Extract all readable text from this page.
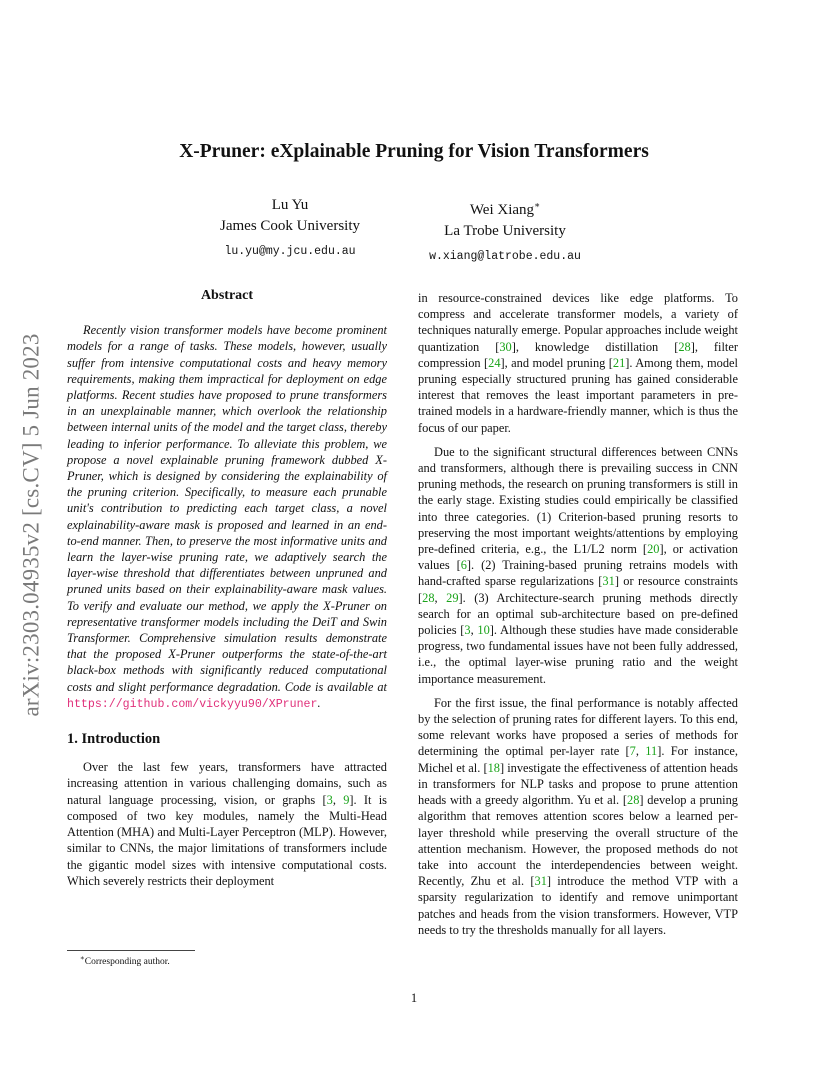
arXiv:2303.04935v2 [cs.CV] 5 Jun 2023
X-Pruner: eXplainable Pruning for Vision Transformers
Lu Yu
James Cook University
lu.yu@my.jcu.edu.au
Wei Xiang∗
La Trobe University
w.xiang@latrobe.edu.au
Abstract

Recently vision transformer models have become prominent models for a range of tasks. These models, however, usually suffer from intensive computational costs and heavy memory requirements, making them impractical for deployment on edge platforms. Recent studies have proposed to prune transformers in an unexplainable manner, which overlook the relationship between internal units of the model and the target class, thereby leading to inferior performance. To alleviate this problem, we propose a novel explainable pruning framework dubbed X-Pruner, which is designed by considering the explainability of the pruning criterion. Specifically, to measure each prunable unit's contribution to predicting each target class, a novel explainability-aware mask is proposed and learned in an end-to-end manner. Then, to preserve the most informative units and learn the layer-wise pruning rate, we adaptively search the layer-wise threshold that differentiates between unpruned and pruned units based on their explainability-aware mask values. To verify and evaluate our method, we apply the X-Pruner on representative transformer models including the DeiT and Swin Transformer. Comprehensive simulation results demonstrate that the proposed X-Pruner outperforms the state-of-the-art black-box methods with significantly reduced computational costs and slight performance degradation. Code is available at https://github.com/vickyyu90/XPruner.

1. Introduction

Over the last few years, transformers have attracted increasing attention in various challenging domains, such as natural language processing, vision, or graphs [3, 9]. It is composed of two key modules, namely the Multi-Head Attention (MHA) and Multi-Layer Perceptron (MLP). However, similar to CNNs, the major limitations of transformers include the gigantic model sizes with intensive computational costs. Which severely restricts their deployment

in resource-constrained devices like edge platforms. To compress and accelerate transformer models, a variety of techniques naturally emerge. Popular approaches include weight quantization [30], knowledge distillation [28], filter compression [24], and model pruning [21]. Among them, model pruning especially structured pruning has gained considerable interest that removes the least important parameters in pre-trained models in a hardware-friendly manner, which is thus the focus of our paper.

Due to the significant structural differences between CNNs and transformers, although there is prevailing success in CNN pruning methods, the research on pruning transformers is still in the early stage. Existing studies could empirically be classified into three categories. (1) Criterion-based pruning resorts to preserving the most important weights/attentions by employing pre-defined criteria, e.g., the L1/L2 norm [20], or activation values [6]. (2) Training-based pruning retrains models with hand-crafted sparse regularizations [31] or resource constraints [28, 29]. (3) Architecture-search pruning methods directly search for an optimal sub-architecture based on pre-defined policies [3, 10]. Although these studies have made considerable progress, two fundamental issues have not been fully addressed, i.e., the optimal layer-wise pruning ratio and the weight importance measurement.

For the first issue, the final performance is notably affected by the selection of pruning rates for different layers. To this end, some relevant works have proposed a series of methods for determining the optimal per-layer rate [7, 11]. For instance, Michel et al. [18] investigate the effectiveness of attention heads in transformers for NLP tasks and propose to prune attention heads with a greedy algorithm. Yu et al. [28] develop a pruning algorithm that removes attention scores below a learned per-layer threshold while preserving the overall structure of the attention mechanism. However, the proposed methods do not take into account the interdependencies between weight. Recently, Zhu et al. [31] introduce the method VTP with a sparsity regularization to identify and remove unimportant patches and heads from the vision transformers. However, VTP needs to try the thresholds manually for all layers.

∗Corresponding author.
1
